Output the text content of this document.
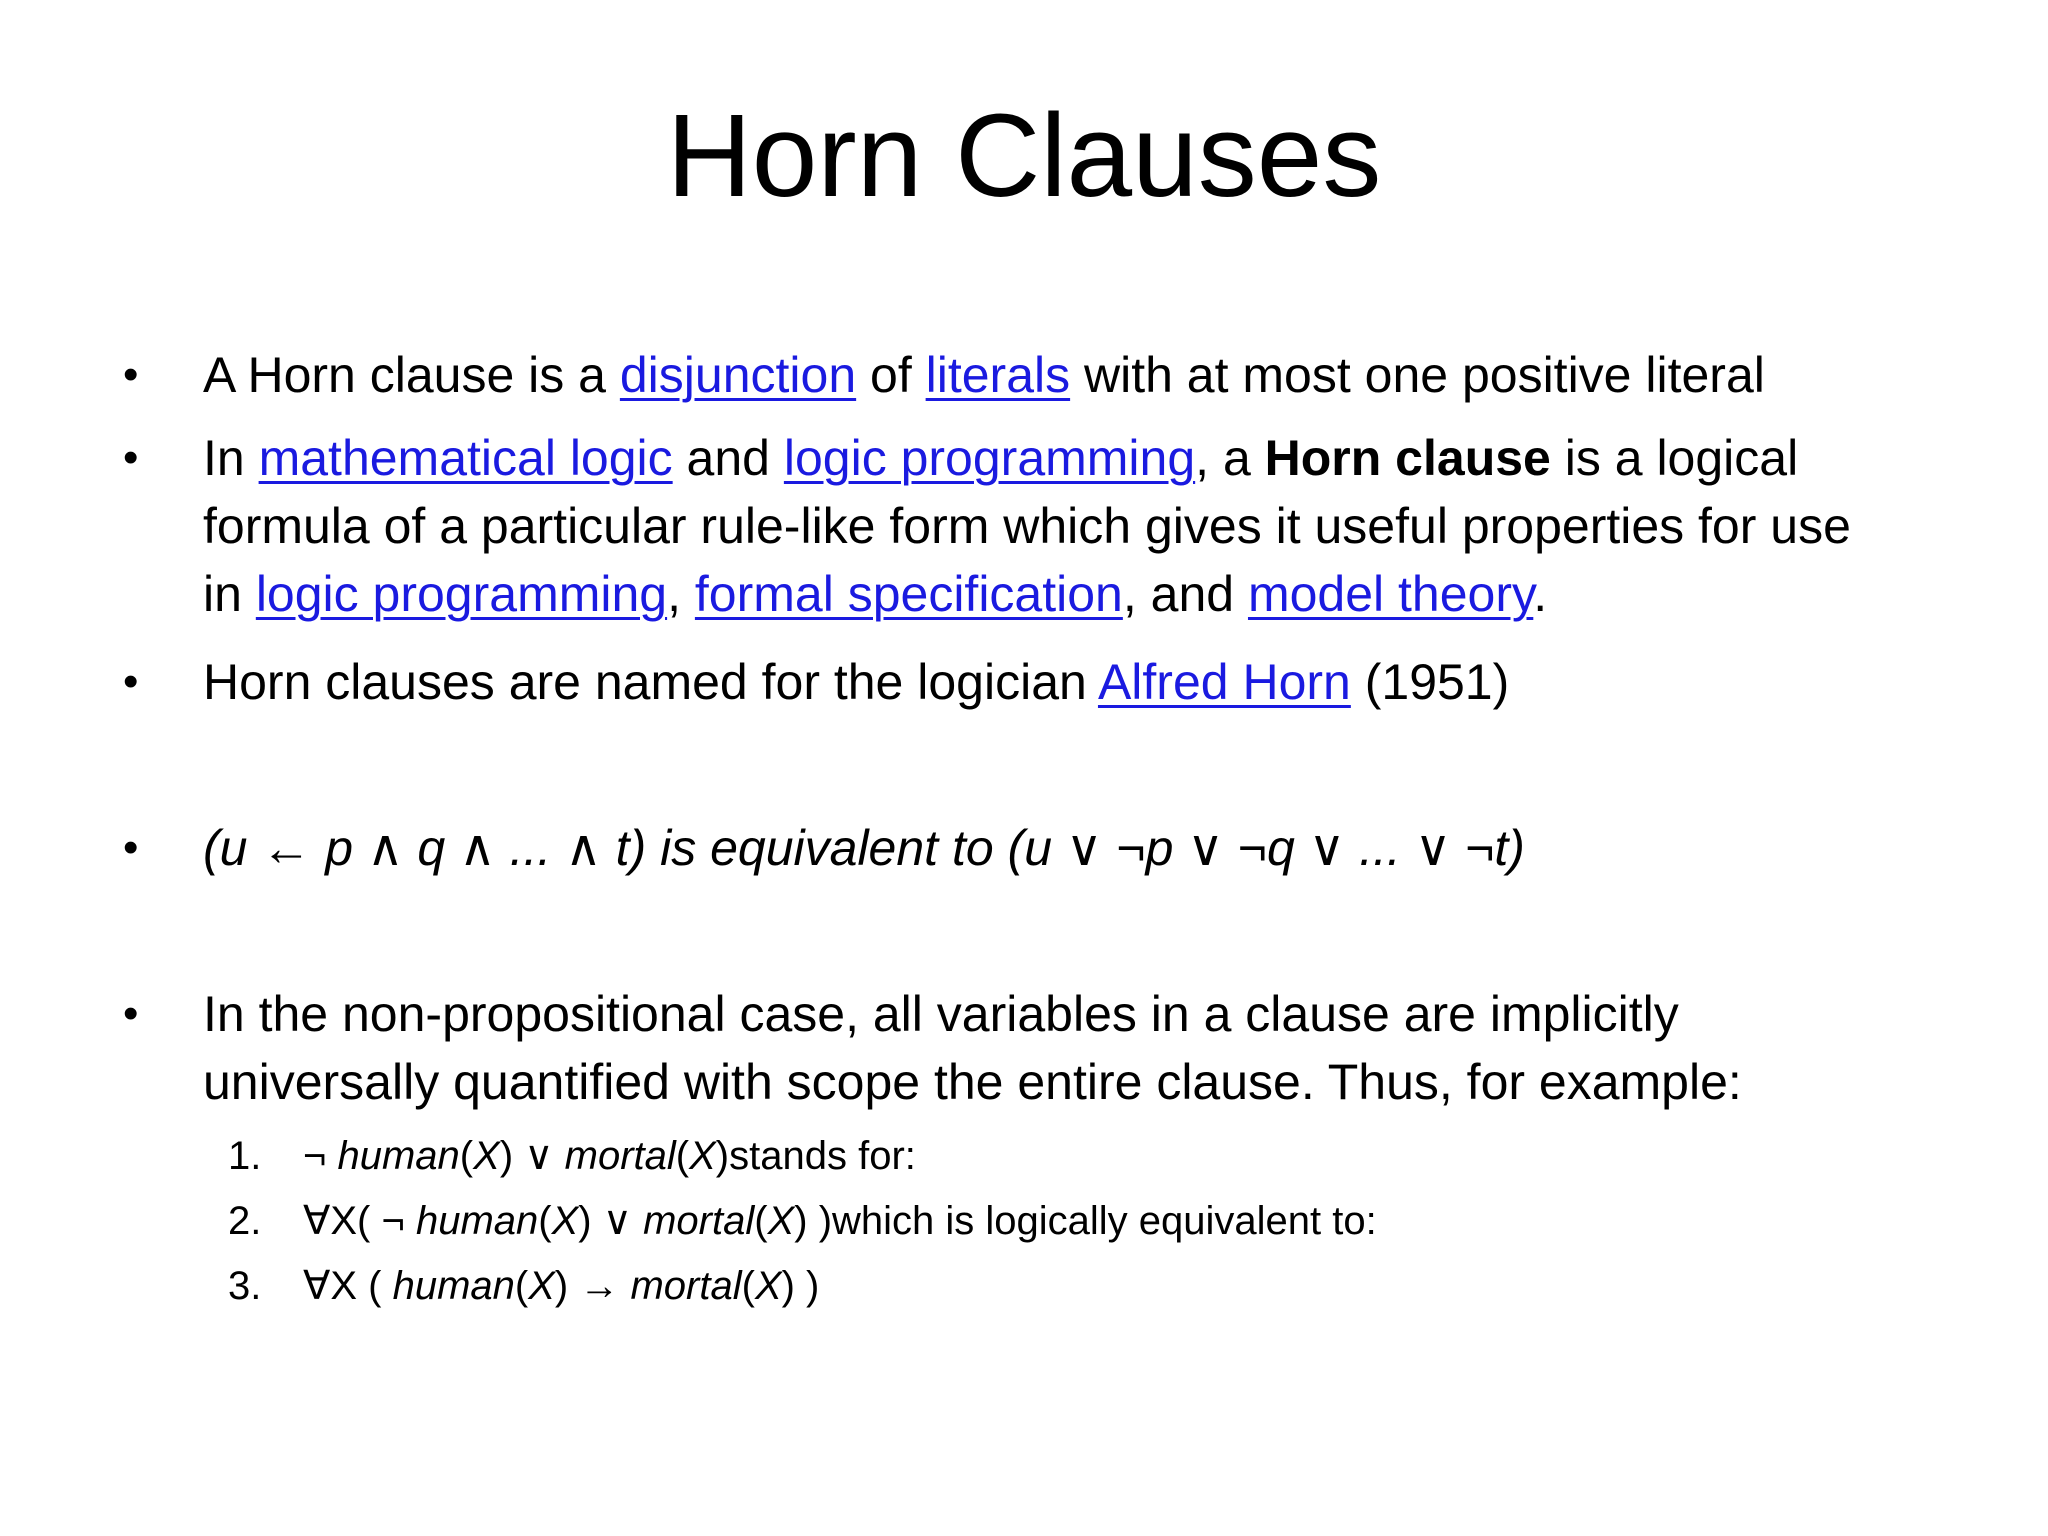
Horn Clauses
• A Horn clause is a disjunction of literals with at most one positive literal
• In mathematical logic and logic programming, a Horn clause is a logical formula of a particular rule-like form which gives it useful properties for use in logic programming, formal specification, and model theory.
• Horn clauses are named for the logician Alfred Horn (1951)
• (u ← p ∧ q ∧ ... ∧ t) is equivalent to (u ∨ ¬p ∨ ¬q ∨ ... ∨ ¬t)
• In the non-propositional case, all variables in a clause are implicitly universally quantified with scope the entire clause. Thus, for example:
1. ¬ human(X) ∨ mortal(X)stands for:
2. ∀X( ¬ human(X) ∨ mortal(X) )which is logically equivalent to:
3. ∀X ( human(X) → mortal(X) )
